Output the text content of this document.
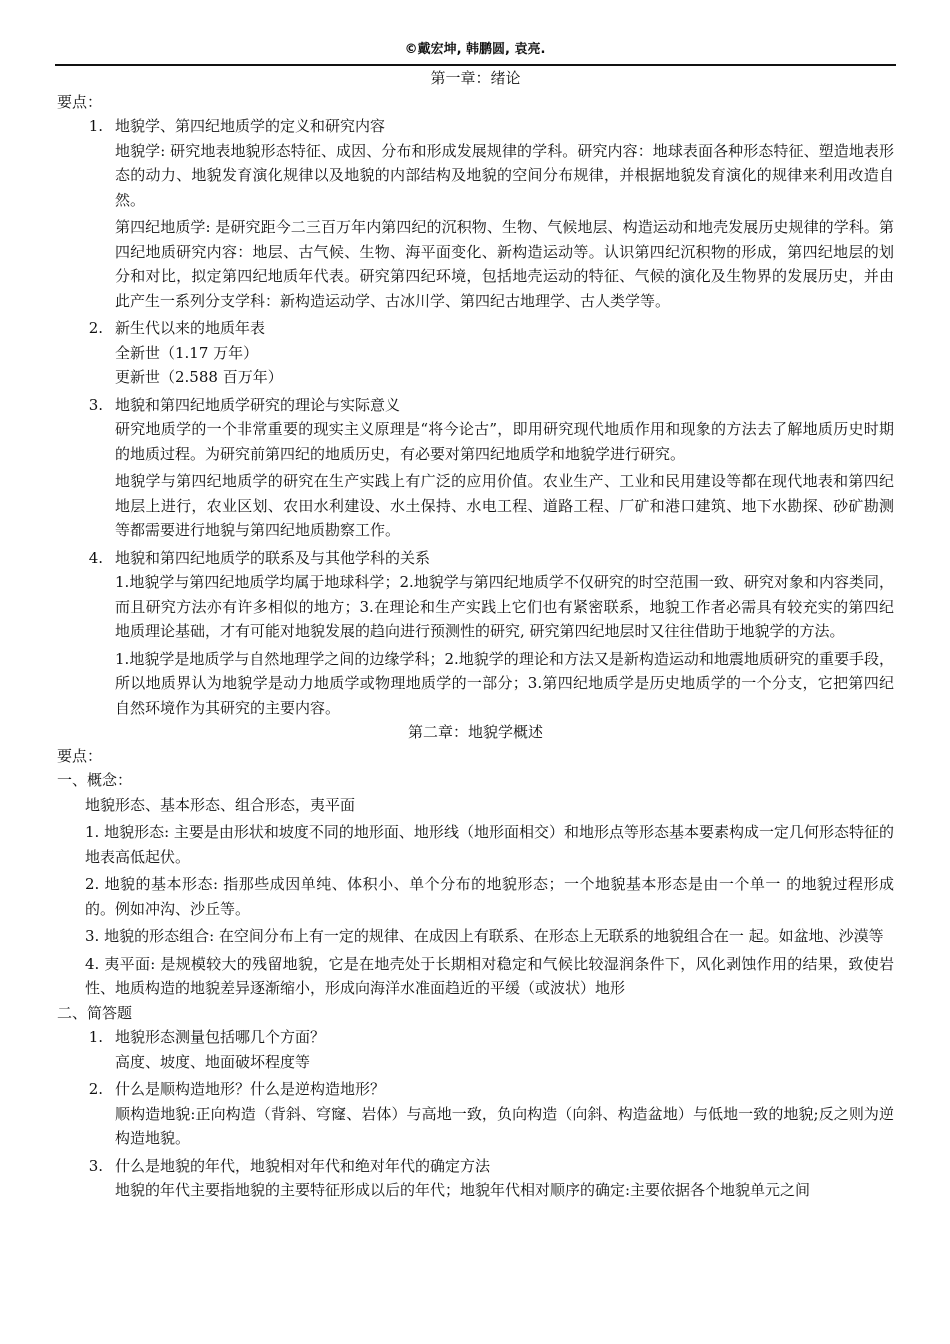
©戴宏坤, 韩鹏圆, 袁亮.
第一章：绪论
要点：
1. 地貌学、第四纪地质学的定义和研究内容
地貌学: 研究地表地貌形态特征、成因、分布和形成发展规律的学科。研究内容：地球表面各种形态特征、塑造地表形态的动力、地貌发育演化规律以及地貌的内部结构及地貌的空间分布规律，并根据地貌发育演化的规律来利用改造自然。
第四纪地质学: 是研究距今二三百万年内第四纪的沉积物、生物、气候地层、构造运动和地壳发展历史规律的学科。第四纪地质研究内容：地层、古气候、生物、海平面变化、新构造运动等。认识第四纪沉积物的形成，第四纪地层的划分和对比，拟定第四纪地质年代表。研究第四纪环境，包括地壳运动的特征、气候的演化及生物界的发展历史，并由此产生一系列分支学科：新构造运动学、古冰川学、第四纪古地理学、古人类学等。
2. 新生代以来的地质年表
全新世（1.17 万年）
更新世（2.588 百万年）
3. 地貌和第四纪地质学研究的理论与实际意义
研究地质学的一个非常重要的现实主义原理是“将今论古”，即用研究现代地质作用和现象的方法去了解地质历史时期的地质过程。为研究前第四纪的地质历史，有必要对第四纪地质学和地貌学进行研究。
地貌学与第四纪地质学的研究在生产实践上有广泛的应用价值。农业生产、工业和民用建设等都在现代地表和第四纪地层上进行，农业区划、农田水利建设、水土保持、水电工程、道路工程、厂矿和港口建筑、地下水勘探、砂矿勘测等都需要进行地貌与第四纪地质勘察工作。
4. 地貌和第四纪地质学的联系及与其他学科的关系
1.地貌学与第四纪地质学均属于地球科学；2.地貌学与第四纪地质学不仅研究的时空范围一致、研究对象和内容类同，而且研究方法亦有许多相似的地方；3.在理论和生产实践上它们也有紧密联系，地貌工作者必需具有较充实的第四纪地质理论基础，才有可能对地貌发展的趋向进行预测性的研究, 研究第四纪地层时又往往借助于地貌学的方法。
1.地貌学是地质学与自然地理学之间的边缘学科；2.地貌学的理论和方法又是新构造运动和地震地质研究的重要手段，所以地质界认为地貌学是动力地质学或物理地质学的一部分；3.第四纪地质学是历史地质学的一个分支，它把第四纪自然环境作为其研究的主要内容。
第二章：地貌学概述
要点：
一、概念：
地貌形态、基本形态、组合形态，夷平面
1. 地貌形态: 主要是由形状和坡度不同的地形面、地形线（地形面相交）和地形点等形态基本要素构成一定几何形态特征的地表高低起伏。
2. 地貌的基本形态: 指那些成因单纯、体积小、单个分布的地貌形态；一个地貌基本形态是由一个单一 的地貌过程形成的。例如冲沟、沙丘等。
3. 地貌的形态组合: 在空间分布上有一定的规律、在成因上有联系、在形态上无联系的地貌组合在一 起。如盆地、沙漠等
4. 夷平面: 是规模较大的残留地貌，它是在地壳处于长期相对稳定和气候比较湿润条件下，风化剥蚀作用的结果，致使岩性、地质构造的地貌差异逐渐缩小，形成向海洋水准面趋近的平缓（或波状）地形
二、简答题
1. 地貌形态测量包括哪几个方面？
高度、坡度、地面破坏程度等
2. 什么是顺构造地形？什么是逆构造地形？
顺构造地貌:正向构造（背斜、穹窿、岩体）与高地一致，负向构造（向斜、构造盆地）与低地一致的地貌;反之则为逆构造地貌。
3. 什么是地貌的年代，地貌相对年代和绝对年代的确定方法
地貌的年代主要指地貌的主要特征形成以后的年代；地貌年代相对顺序的确定:主要依据各个地貌单元之间
